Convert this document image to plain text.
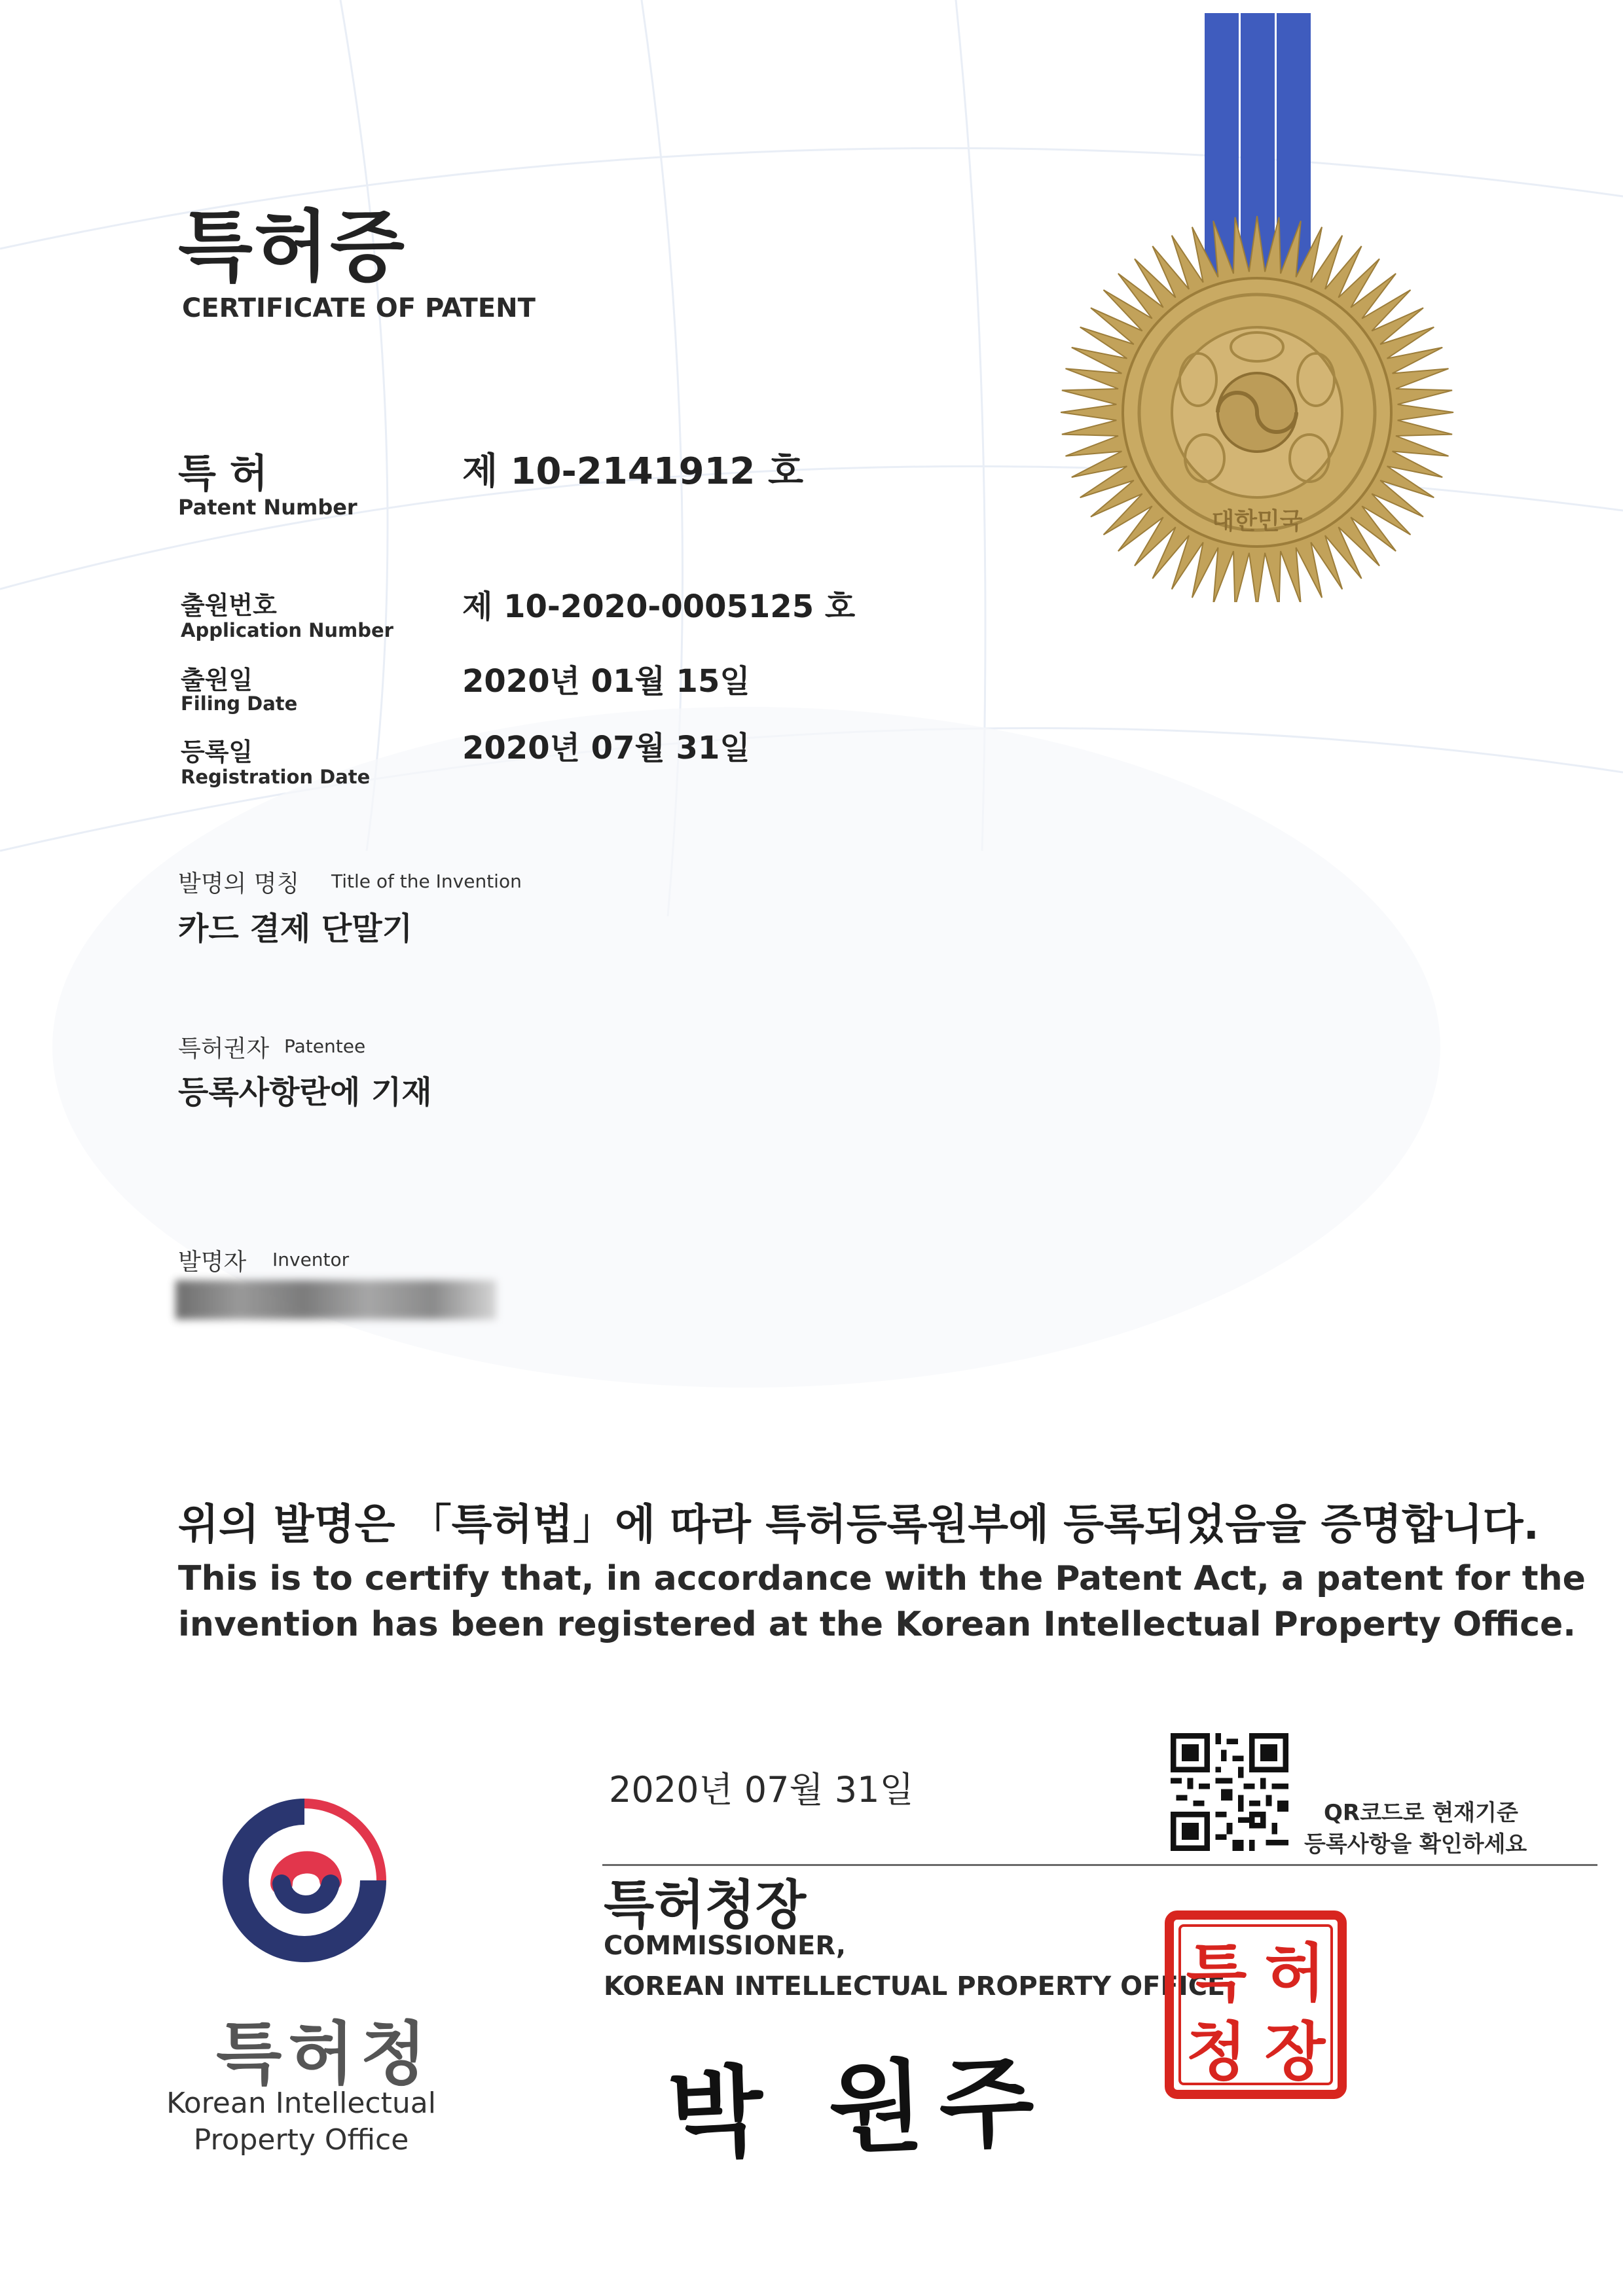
특허증
CERTIFICATE OF PATENT
대한민국
특 허
Patent Number
제 10-2141912 호
출원번호
Application Number
제 10-2020-0005125 호
출원일
Filing Date
2020년 01월 15일
등록일
Registration Date
2020년 07월 31일
발명의 명칭 Title of the Invention
카드 결제 단말기
특허권자 Patentee
등록사항란에 기재
발명자 Inventor
위의 발명은 「특허법」에 따라 특허등록원부에 등록되었음을 증명합니다.
This is to certify that, in accordance with the Patent Act, a patent for the
invention has been registered at the Korean Intellectual Property Office.
2020년 07월 31일
QR코드로 현재기준
등록사항을 확인하세요
특허청장
COMMISSIONER,
KOREAN INTELLECTUAL PROPERTY OFFICE
박 원주
특 허
청 장
특허청
Korean Intellectual
Property Office
